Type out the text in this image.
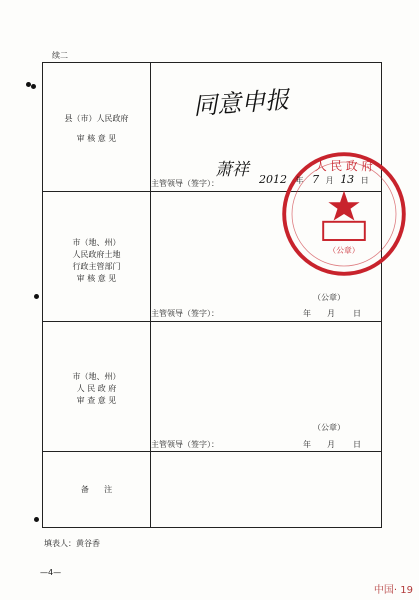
续二
县（市）人民政府
审 核 意 见
人 民 政 府
（公章）
同意申报
萧祥
主管领导（签字）：	2012 年 7 月 13 日
市（地、州）
人民政府土地
行政主管部门
审 核 意 见
（公章）
主管领导（签字）：	年 月 日
市（地、州）
人 民 政 府
审 查 意 见
（公章）
主管领导（签字）：	年 月 日
备      注
填表人：黄谷香
—4—
中国· 19
